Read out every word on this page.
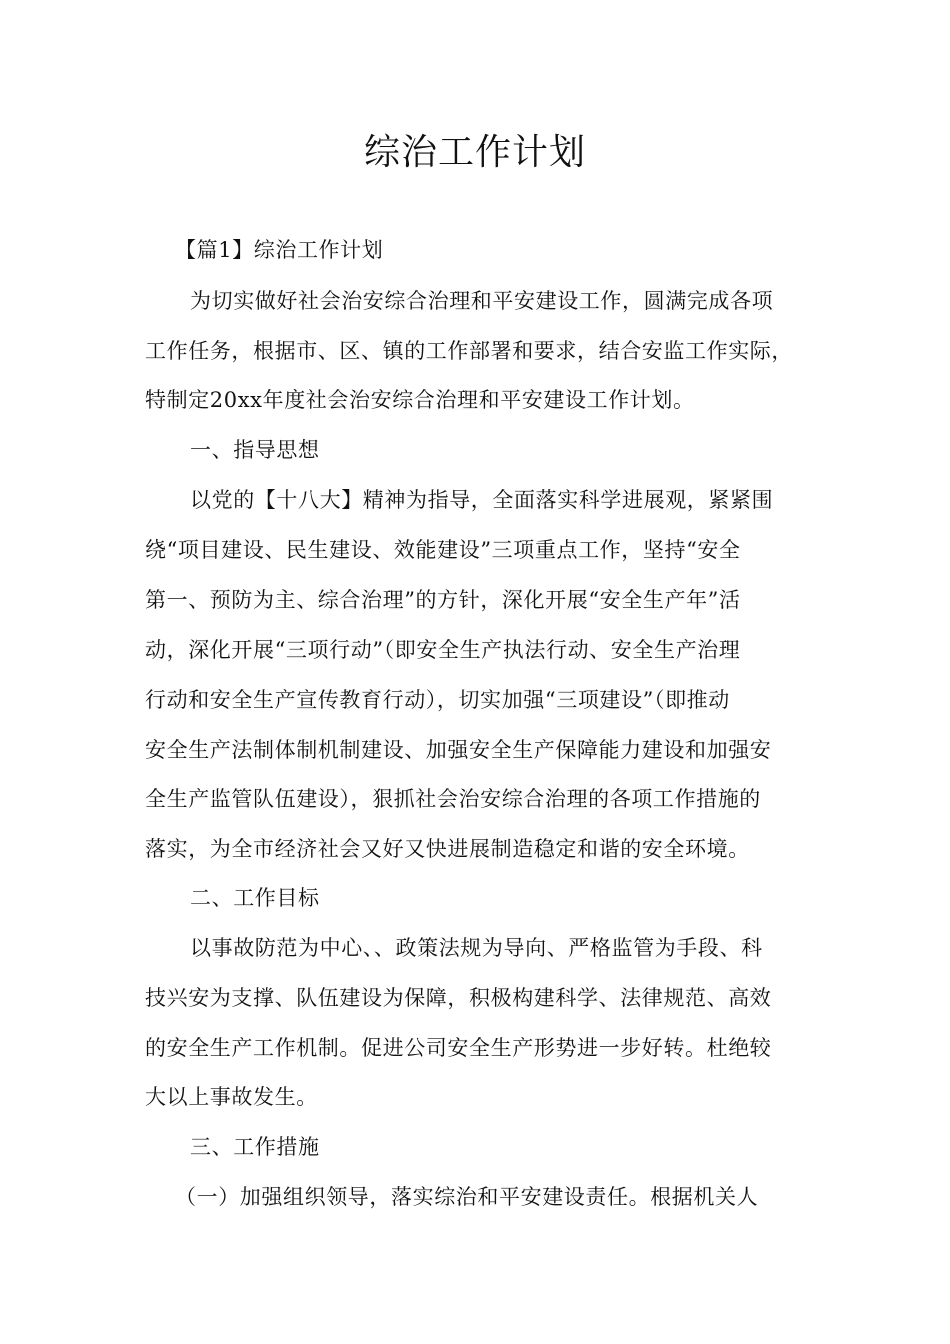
综治工作计划
【篇1】综治工作计划
为切实做好社会治安综合治理和平安建设工作，圆满完成各项
工作任务，根据市、区、镇的工作部署和要求，结合安监工作实际，
特制定20xx年度社会治安综合治理和平安建设工作计划。
一、指导思想
以党的【十八大】精神为指导，全面落实科学进展观，紧紧围
绕“项目建设、民生建设、效能建设”三项重点工作，坚持“安全
第一、预防为主、综合治理”的方针，深化开展“安全生产年”活
动，深化开展“三项行动”（即安全生产执法行动、安全生产治理
行动和安全生产宣传教育行动），切实加强“三项建设”（即推动
安全生产法制体制机制建设、加强安全生产保障能力建设和加强安
全生产监管队伍建设），狠抓社会治安综合治理的各项工作措施的
落实，为全市经济社会又好又快进展制造稳定和谐的安全环境。
二、工作目标
以事故防范为中心、、政策法规为导向、严格监管为手段、科
技兴安为支撑、队伍建设为保障，积极构建科学、法律规范、高效
的安全生产工作机制。促进公司安全生产形势进一步好转。杜绝较
大以上事故发生。
三、工作措施
（一）加强组织领导，落实综治和平安建设责任。根据机关人
